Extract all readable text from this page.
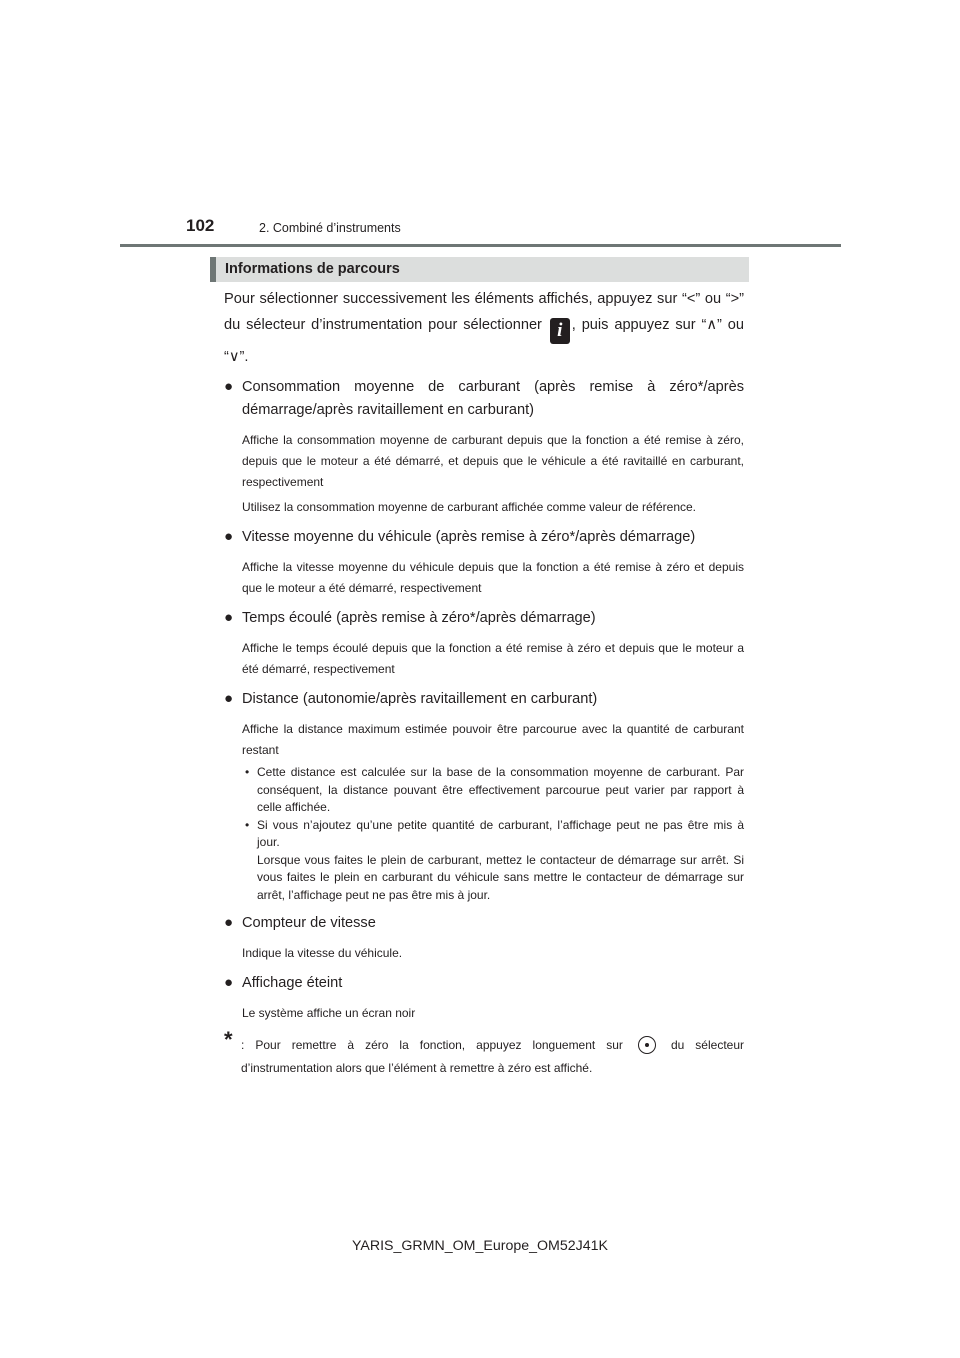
102	2. Combiné d’instruments
Informations de parcours

Pour sélectionner successivement les éléments affichés, appuyez sur “<” ou “>” du sélecteur d’instrumentation pour sélectionner i , puis appuyez sur “∧” ou “∨”.

● Consommation moyenne de carburant (après remise à zéro*/après démarrage/après ravitaillement en carburant)

Affiche la consommation moyenne de carburant depuis que la fonction a été remise à zéro, depuis que le moteur a été démarré, et depuis que le véhicule a été ravitaillé en carburant, respectivement

Utilisez la consommation moyenne de carburant affichée comme valeur de référence.

● Vitesse moyenne du véhicule (après remise à zéro*/après démarrage)

Affiche la vitesse moyenne du véhicule depuis que la fonction a été remise à zéro et depuis que le moteur a été démarré, respectivement

● Temps écoulé (après remise à zéro*/après démarrage)

Affiche le temps écoulé depuis que la fonction a été remise à zéro et depuis que le moteur a été démarré, respectivement

● Distance (autonomie/après ravitaillement en carburant)

Affiche la distance maximum estimée pouvoir être parcourue avec la quantité de carburant restant

• Cette distance est calculée sur la base de la consommation moyenne de carburant. Par conséquent, la distance pouvant être effectivement parcourue peut varier par rapport à celle affichée.
• Si vous n’ajoutez qu’une petite quantité de carburant, l’affichage peut ne pas être mis à jour.
Lorsque vous faites le plein de carburant, mettez le contacteur de démarrage sur arrêt. Si vous faites le plein en carburant du véhicule sans mettre le contacteur de démarrage sur arrêt, l’affichage peut ne pas être mis à jour.

● Compteur de vitesse

Indique la vitesse du véhicule.

● Affichage éteint

Le système affiche un écran noir

* : Pour remettre à zéro la fonction, appuyez longuement sur  du sélecteur d’instrumentation alors que l’élément à remettre à zéro est affiché.

YARIS_GRMN_OM_Europe_OM52J41K
